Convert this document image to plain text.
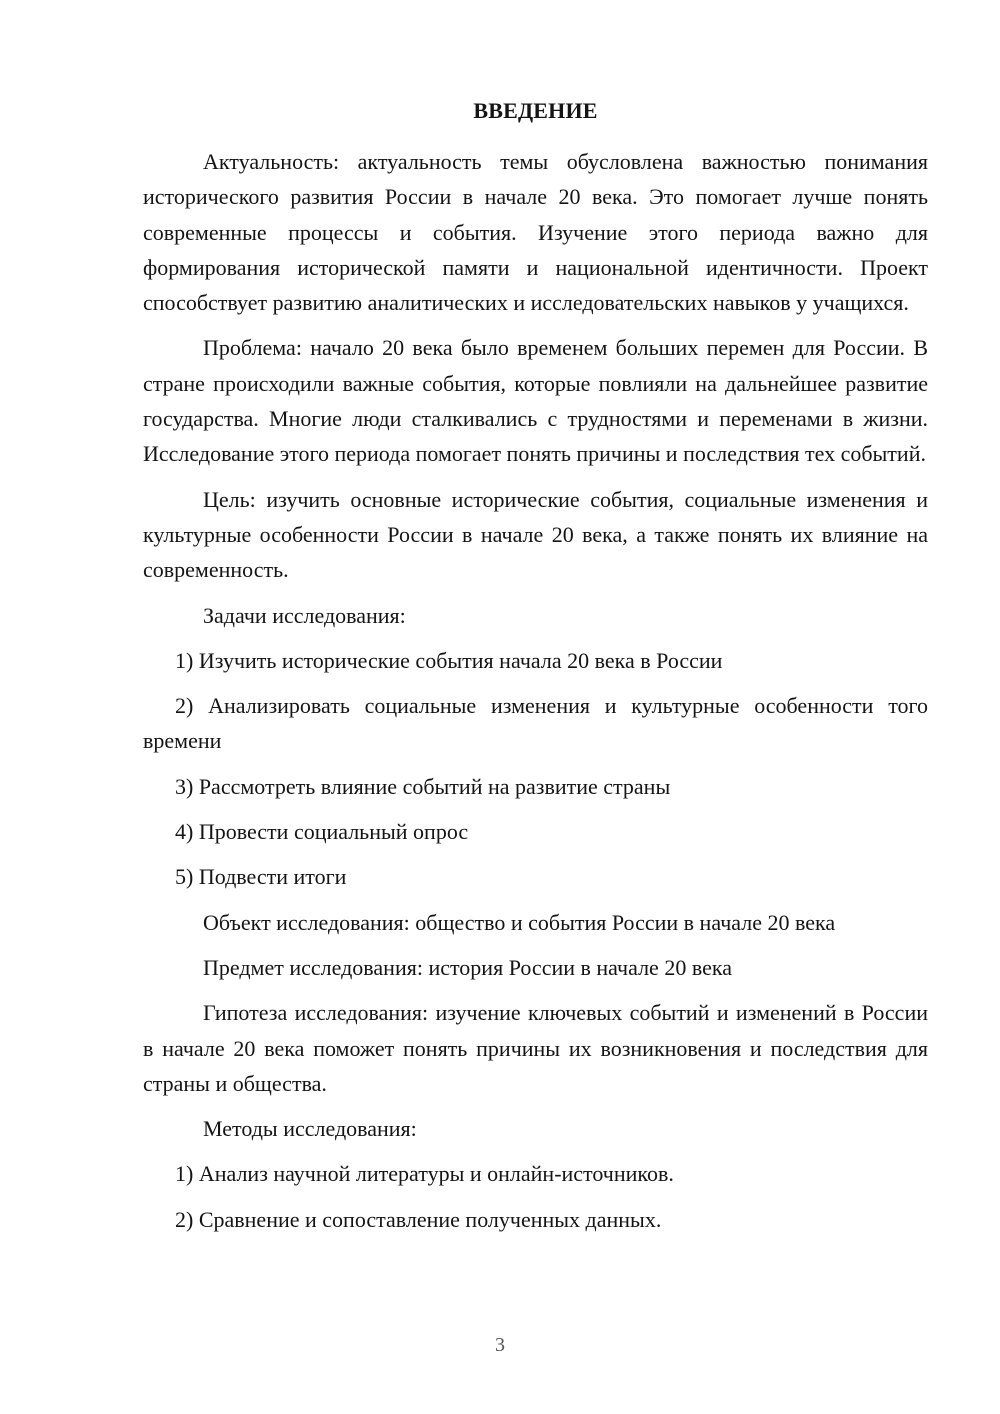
ВВЕДЕНИЕ

Актуальность: актуальность темы обусловлена важностью понимания исторического развития России в начале 20 века. Это помогает лучше понять современные процессы и события. Изучение этого периода важно для формирования исторической памяти и национальной идентичности. Проект способствует развитию аналитических и исследовательских навыков у учащихся.

Проблема: начало 20 века было временем больших перемен для России. В стране происходили важные события, которые повлияли на дальнейшее развитие государства. Многие люди сталкивались с трудностями и переменами в жизни. Исследование этого периода помогает понять причины и последствия тех событий.

Цель: изучить основные исторические события, социальные изменения и культурные особенности России в начале 20 века, а также понять их влияние на современность.

Задачи исследования:

1) Изучить исторические события начала 20 века в России

2) Анализировать социальные изменения и культурные особенности того времени

3) Рассмотреть влияние событий на развитие страны

4) Провести социальный опрос

5) Подвести итоги

Объект исследования: общество и события России в начале 20 века

Предмет исследования: история России в начале 20 века

Гипотеза исследования: изучение ключевых событий и изменений в России в начале 20 века поможет понять причины их возникновения и последствия для страны и общества.

Методы исследования:

1) Анализ научной литературы и онлайн-источников.

2) Сравнение и сопоставление полученных данных.

3
